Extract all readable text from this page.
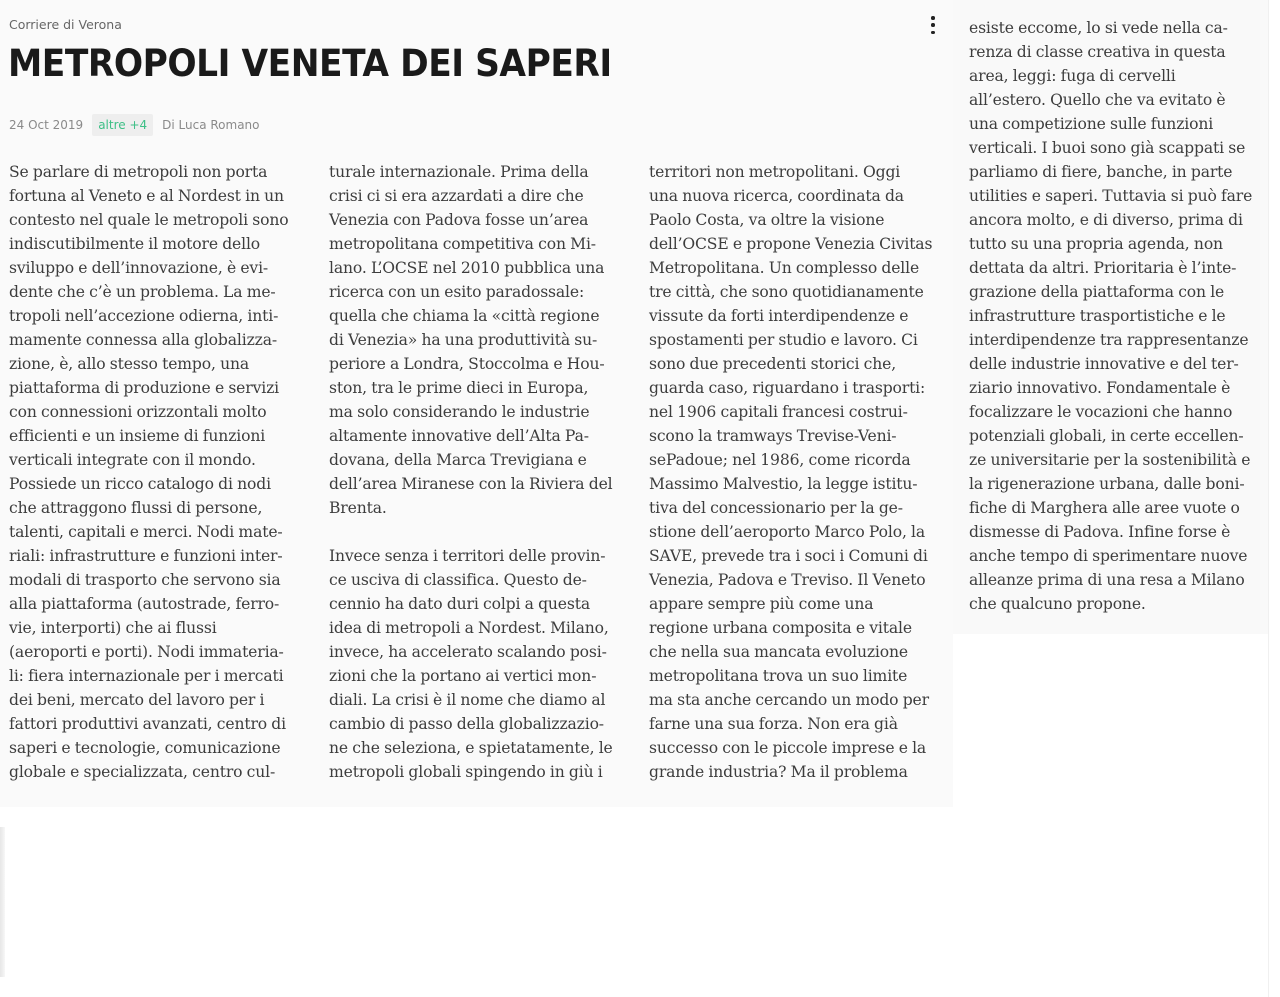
Corriere di Verona
METROPOLI VENETA DEI SAPERI
24 Oct 2019	altre +4	Di Luca Romano
Se parlare di metropoli non porta
fortuna al Veneto e al Nordest in un
contesto nel quale le metropoli sono
indiscutibilmente il motore dello
sviluppo e dell’innovazione, è evi-
dente che c’è un problema. La me-
tropoli nell’accezione odierna, inti-
mamente connessa alla globalizza-
zione, è, allo stesso tempo, una
piattaforma di produzione e servizi
con connessioni orizzontali molto
efficienti e un insieme di funzioni
verticali integrate con il mondo.
Possiede un ricco catalogo di nodi
che attraggono flussi di persone,
talenti, capitali e merci. Nodi mate-
riali: infrastrutture e funzioni inter-
modali di trasporto che servono sia
alla piattaforma (autostrade, ferro-
vie, interporti) che ai flussi
(aeroporti e porti). Nodi immateria-
li: fiera internazionale per i mercati
dei beni, mercato del lavoro per i
fattori produttivi avanzati, centro di
saperi e tecnologie, comunicazione
globale e specializzata, centro cul-
turale internazionale. Prima della
crisi ci si era azzardati a dire che
Venezia con Padova fosse un’area
metropolitana competitiva con Mi-
lano. L’OCSE nel 2010 pubblica una
ricerca con un esito paradossale:
quella che chiama la «città regione
di Venezia» ha una produttività su-
periore a Londra, Stoccolma e Hou-
ston, tra le prime dieci in Europa,
ma solo considerando le industrie
altamente innovative dell’Alta Pa-
dovana, della Marca Trevigiana e
dell’area Miranese con la Riviera del
Brenta.
Invece senza i territori delle provin-
ce usciva di classifica. Questo de-
cennio ha dato duri colpi a questa
idea di metropoli a Nordest. Milano,
invece, ha accelerato scalando posi-
zioni che la portano ai vertici mon-
diali. La crisi è il nome che diamo al
cambio di passo della globalizzazio-
ne che seleziona, e spietatamente, le
metropoli globali spingendo in giù i
territori non metropolitani. Oggi
una nuova ricerca, coordinata da
Paolo Costa, va oltre la visione
dell’OCSE e propone Venezia Civitas
Metropolitana. Un complesso delle
tre città, che sono quotidianamente
vissute da forti interdipendenze e
spostamenti per studio e lavoro. Ci
sono due precedenti storici che,
guarda caso, riguardano i trasporti:
nel 1906 capitali francesi costrui-
scono la tramways Trevise-Veni-
sePadoue; nel 1986, come ricorda
Massimo Malvestio, la legge istitu-
tiva del concessionario per la ge-
stione dell’aeroporto Marco Polo, la
SAVE, prevede tra i soci i Comuni di
Venezia, Padova e Treviso. Il Veneto
appare sempre più come una
regione urbana composita e vitale
che nella sua mancata evoluzione
metropolitana trova un suo limite
ma sta anche cercando un modo per
farne una sua forza. Non era già
successo con le piccole imprese e la
grande industria? Ma il problema
esiste eccome, lo si vede nella ca-
renza di classe creativa in questa
area, leggi: fuga di cervelli
all’estero. Quello che va evitato è
una competizione sulle funzioni
verticali. I buoi sono già scappati se
parliamo di fiere, banche, in parte
utilities e saperi. Tuttavia si può fare
ancora molto, e di diverso, prima di
tutto su una propria agenda, non
dettata da altri. Prioritaria è l’inte-
grazione della piattaforma con le
infrastrutture trasportistiche e le
interdipendenze tra rappresentanze
delle industrie innovative e del ter-
ziario innovativo. Fondamentale è
focalizzare le vocazioni che hanno
potenziali globali, in certe eccellen-
ze universitarie per la sostenibilità e
la rigenerazione urbana, dalle boni-
fiche di Marghera alle aree vuote o
dismesse di Padova. Infine forse è
anche tempo di sperimentare nuove
alleanze prima di una resa a Milano
che qualcuno propone.
